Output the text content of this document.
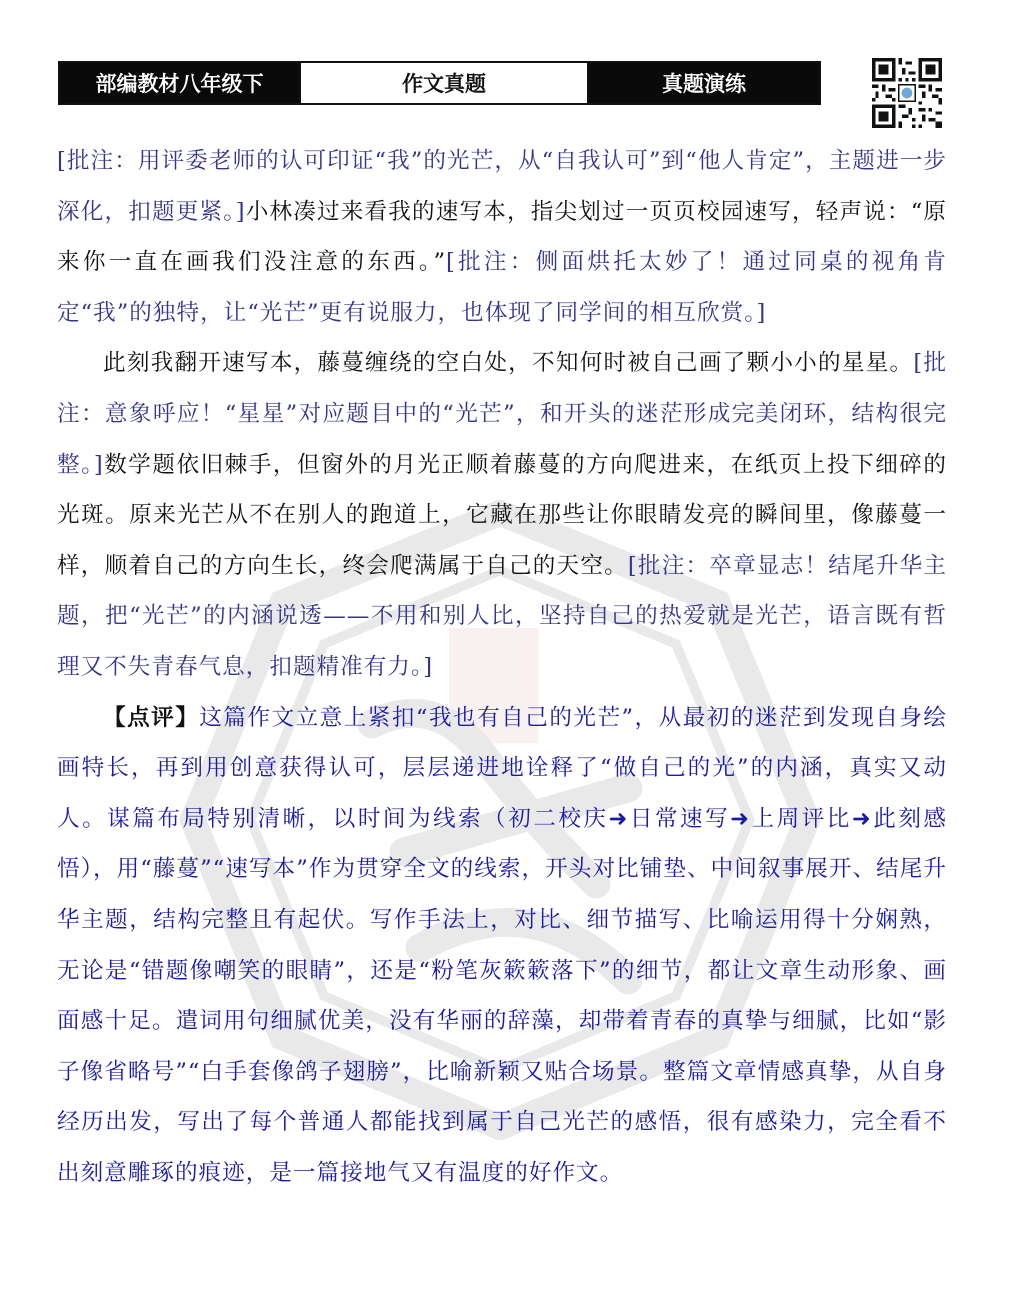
部编教材八年级下	作文真题	真题演练

[批注：用评委老师的认可印证“我”的光芒，从“自我认可”到“他人肯定”，主题进一步深化，扣题更紧。]小林凑过来看我的速写本，指尖划过一页页校园速写，轻声说：“原来你一直在画我们没注意的东西。”[批注：侧面烘托太妙了！通过同桌的视角肯定“我”的独特，让“光芒”更有说服力，也体现了同学间的相互欣赏。]

此刻我翻开速写本，藤蔓缠绕的空白处，不知何时被自己画了颗小小的星星。[批注：意象呼应！“星星”对应题目中的“光芒”，和开头的迷茫形成完美闭环，结构很完整。]数学题依旧棘手，但窗外的月光正顺着藤蔓的方向爬进来，在纸页上投下细碎的光斑。原来光芒从不在别人的跑道上，它藏在那些让你眼睛发亮的瞬间里，像藤蔓一样，顺着自己的方向生长，终会爬满属于自己的天空。[批注：卒章显志！结尾升华主题，把“光芒”的内涵说透——不用和别人比，坚持自己的热爱就是光芒，语言既有哲理又不失青春气息，扣题精准有力。]

【点评】这篇作文立意上紧扣“我也有自己的光芒”，从最初的迷茫到发现自身绘画特长，再到用创意获得认可，层层递进地诠释了“做自己的光”的内涵，真实又动人。谋篇布局特别清晰，以时间为线索（初二校庆➜日常速写➜上周评比➜此刻感悟），用“藤蔓”“速写本”作为贯穿全文的线索，开头对比铺垫、中间叙事展开、结尾升华主题，结构完整且有起伏。写作手法上，对比、细节描写、比喻运用得十分娴熟，无论是“错题像嘲笑的眼睛”，还是“粉笔灰簌簌落下”的细节，都让文章生动形象、画面感十足。遣词用句细腻优美，没有华丽的辞藻，却带着青春的真挚与细腻，比如“影子像省略号”“白手套像鸽子翅膀”，比喻新颖又贴合场景。整篇文章情感真挚，从自身经历出发，写出了每个普通人都能找到属于自己光芒的感悟，很有感染力，完全看不出刻意雕琢的痕迹，是一篇接地气又有温度的好作文。
